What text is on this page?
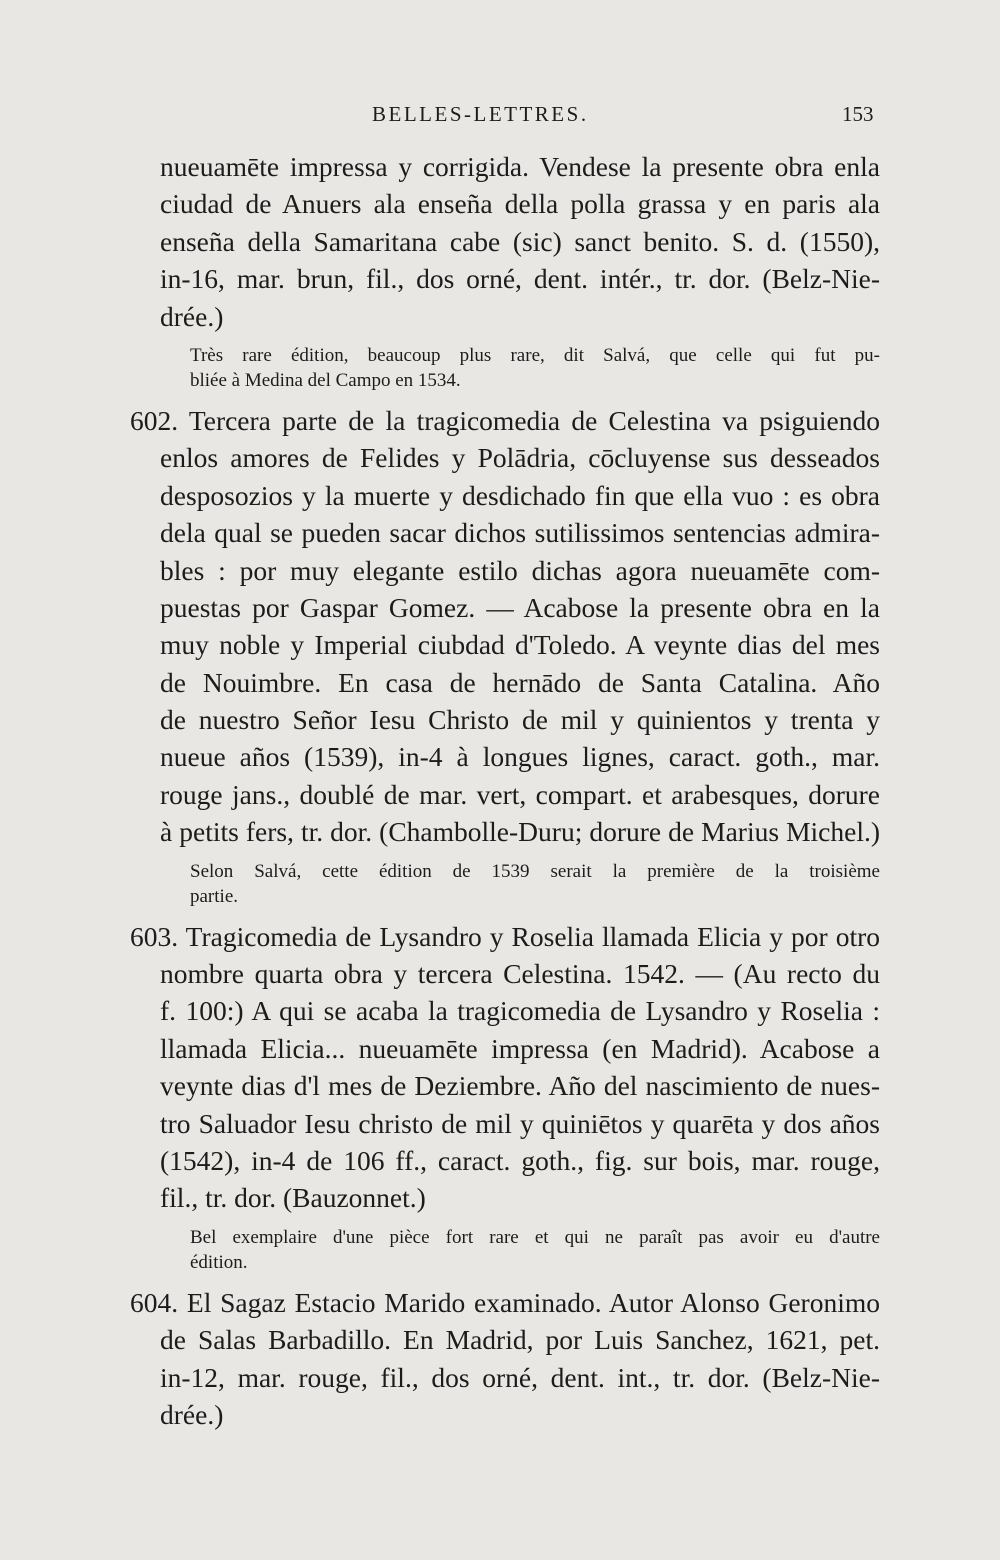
BELLES-LETTRES.	153
nueuamēte impressa y corrigida. Vendese la presente obra enla
ciudad de Anuers ala enseña della polla grassa y en paris ala
enseña della Samaritana cabe (sic) sanct benito. S. d. (1550),
in-16, mar. brun, fil., dos orné, dent. intér., tr. dor. (Belz-Nie-
drée.)
Très rare édition, beaucoup plus rare, dit Salvá, que celle qui fut pu-
bliée à Medina del Campo en 1534.
602. Tercera parte de la tragicomedia de Celestina va psiguiendo
enlos amores de Felides y Polādria, cōcluyense sus desseados
desposozios y la muerte y desdichado fin que ella vuo : es obra
dela qual se pueden sacar dichos sutilissimos sentencias admira-
bles : por muy elegante estilo dichas agora nueuamēte com-
puestas por Gaspar Gomez. — Acabose la presente obra en la
muy noble y Imperial ciubdad d'Toledo. A veynte dias del mes
de Nouimbre. En casa de hernādo de Santa Catalina. Año
de nuestro Señor Iesu Christo de mil y quinientos y trenta y
nueue años (1539), in-4 à longues lignes, caract. goth., mar.
rouge jans., doublé de mar. vert, compart. et arabesques, dorure
à petits fers, tr. dor. (Chambolle-Duru; dorure de Marius Michel.)
Selon Salvá, cette édition de 1539 serait la première de la troisième
partie.
603. Tragicomedia de Lysandro y Roselia llamada Elicia y por otro
nombre quarta obra y tercera Celestina. 1542. — (Au recto du
f. 100:) A qui se acaba la tragicomedia de Lysandro y Roselia :
llamada Elicia... nueuamēte impressa (en Madrid). Acabose a
veynte dias d'l mes de Deziembre. Año del nascimiento de nues-
tro Saluador Iesu christo de mil y quiniētos y quarēta y dos años
(1542), in-4 de 106 ff., caract. goth., fig. sur bois, mar. rouge,
fil., tr. dor. (Bauzonnet.)
Bel exemplaire d'une pièce fort rare et qui ne paraît pas avoir eu d'autre
édition.
604. El Sagaz Estacio Marido examinado. Autor Alonso Geronimo
de Salas Barbadillo. En Madrid, por Luis Sanchez, 1621, pet.
in-12, mar. rouge, fil., dos orné, dent. int., tr. dor. (Belz-Nie-
drée.)
